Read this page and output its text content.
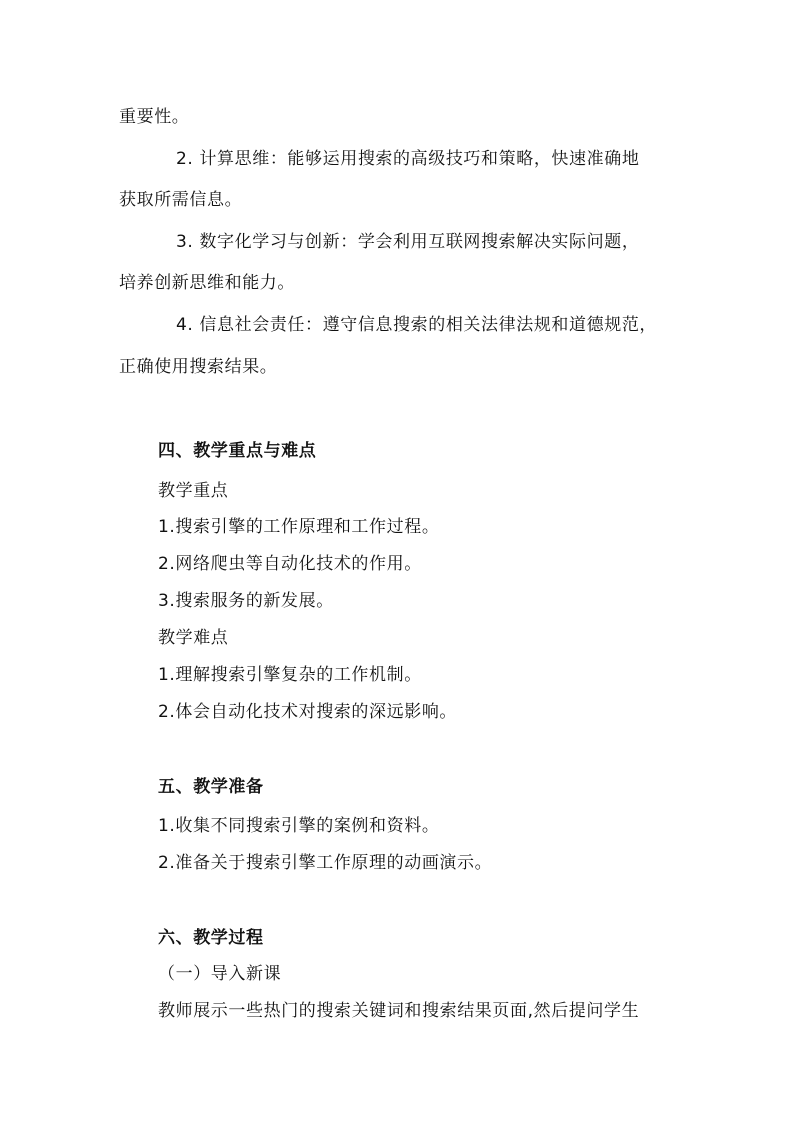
重要性。
2. 计算思维：能够运用搜索的高级技巧和策略，快速准确地
获取所需信息。
3. 数字化学习与创新：学会利用互联网搜索解决实际问题，
培养创新思维和能力。
4. 信息社会责任：遵守信息搜索的相关法律法规和道德规范，
正确使用搜索结果。
四、教学重点与难点
教学重点
1.搜索引擎的工作原理和工作过程。
2.网络爬虫等自动化技术的作用。
3.搜索服务的新发展。
教学难点
1.理解搜索引擎复杂的工作机制。
2.体会自动化技术对搜索的深远影响。
五、教学准备
1.收集不同搜索引擎的案例和资料。
2.准备关于搜索引擎工作原理的动画演示。
六、教学过程
（一）导入新课
教师展示一些热门的搜索关键词和搜索结果页面,然后提问学生
